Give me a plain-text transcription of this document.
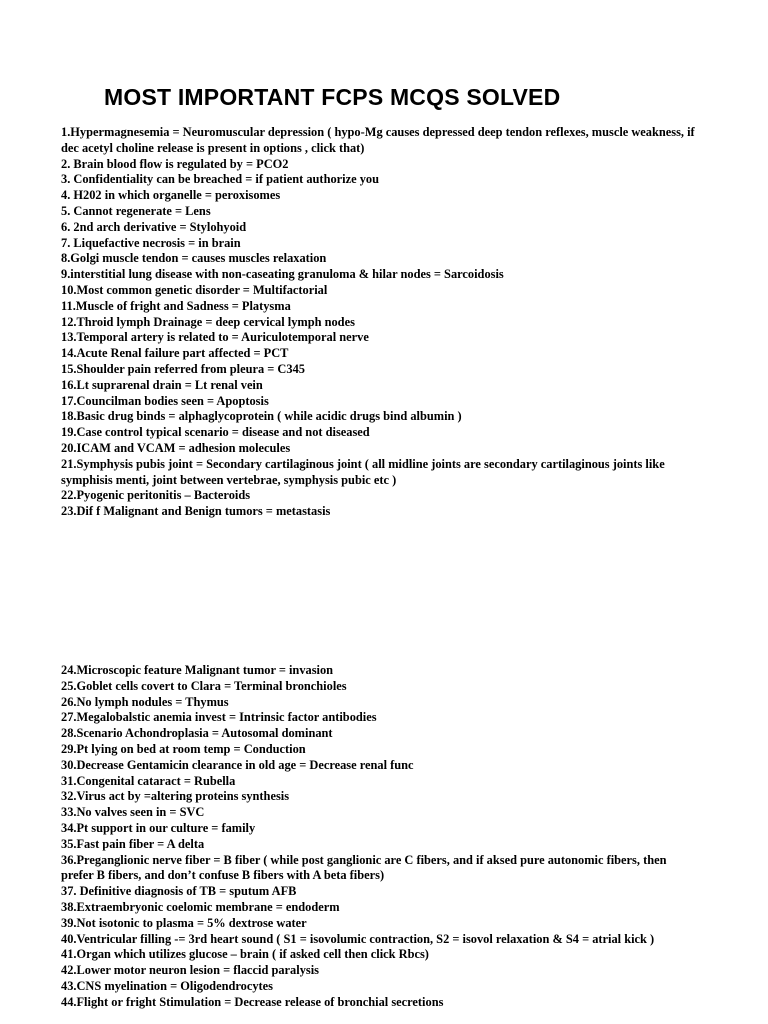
MOST IMPORTANT FCPS MCQS SOLVED
1.Hypermagnesemia = Neuromuscular depression ( hypo-Mg causes depressed deep tendon reflexes, muscle weakness, if dec acetyl choline release is present in options , click that)
2. Brain blood flow is regulated by = PCO2
3. Confidentiality can be breached = if patient authorize you
4. H202 in which organelle = peroxisomes
5. Cannot regenerate = Lens
6. 2nd arch derivative = Stylohyoid
7. Liquefactive necrosis = in brain
8.Golgi muscle tendon = causes muscles relaxation
9.interstitial lung disease with non-caseating granuloma & hilar nodes = Sarcoidosis
10.Most common genetic disorder = Multifactorial
11.Muscle of fright and Sadness = Platysma
12.Throid lymph Drainage = deep cervical lymph nodes
13.Temporal artery is related to = Auriculotemporal nerve
14.Acute Renal failure part affected = PCT
15.Shoulder pain referred from pleura = C345
16.Lt suprarenal drain = Lt renal vein
17.Councilman bodies seen = Apoptosis
18.Basic drug binds = alphaglycoprotein ( while acidic drugs bind albumin )
19.Case control typical scenario = disease and not diseased
20.ICAM and VCAM = adhesion molecules
21.Symphysis pubis joint = Secondary cartilaginous joint ( all midline joints are secondary cartilaginous joints like symphisis menti, joint between vertebrae, symphysis pubic etc )
22.Pyogenic peritonitis – Bacteroids
23.Dif f Malignant and Benign tumors = metastasis
24.Microscopic feature Malignant tumor = invasion
25.Goblet cells covert to Clara = Terminal bronchioles
26.No lymph nodules = Thymus
27.Megalobalstic anemia invest = Intrinsic factor antibodies
28.Scenario Achondroplasia = Autosomal dominant
29.Pt lying on bed at room temp = Conduction
30.Decrease Gentamicin clearance in old age = Decrease renal func
31.Congenital cataract = Rubella
32.Virus act by =altering proteins synthesis
33.No valves seen in = SVC
34.Pt support in our culture = family
35.Fast pain fiber = A delta
36.Preganglionic nerve fiber = B fiber ( while post ganglionic are C fibers, and if aksed pure autonomic fibers, then prefer B fibers, and don’t confuse B fibers with A beta fibers)
37. Definitive diagnosis of TB = sputum AFB
38.Extraembryonic coelomic membrane = endoderm
39.Not isotonic to plasma = 5% dextrose water
40.Ventricular filling -= 3rd heart sound ( S1 = isovolumic contraction, S2 = isovol relaxation & S4 = atrial kick )
41.Organ which utilizes glucose – brain ( if asked cell then click Rbcs)
42.Lower motor neuron lesion = flaccid paralysis
43.CNS myelination = Oligodendrocytes
44.Flight or fright Stimulation = Decrease release of bronchial secretions
